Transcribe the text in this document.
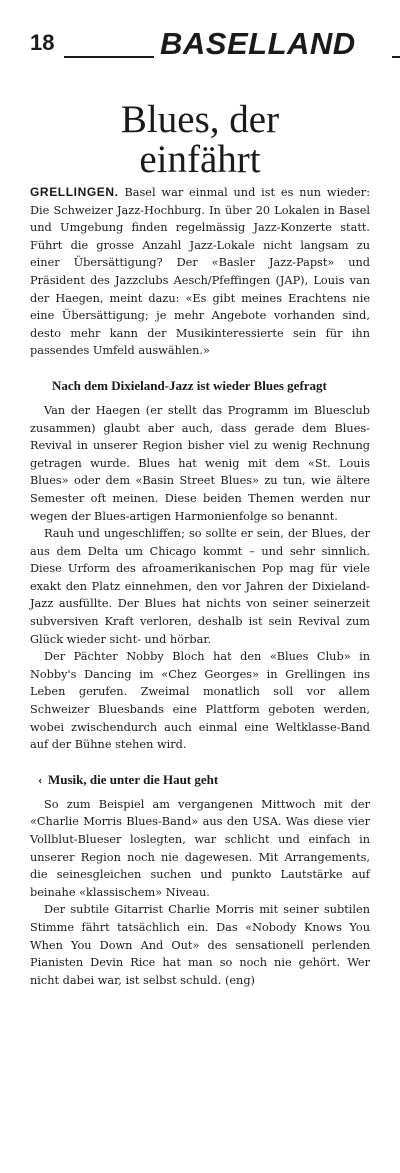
18	BASELLAND
Blues, der
einfährt

GRELLINGEN. Basel war einmal und ist es nun wieder: Die Schweizer Jazz-Hochburg. In über 20 Lokalen in Basel und Umgebung finden regelmässig Jazz-Konzerte statt. Führt die grosse Anzahl Jazz-Lokale nicht langsam zu einer Übersättigung? Der «Basler Jazz-Papst» und Präsident des Jazzclubs Aesch/Pfeffingen (JAP), Louis van der Haegen, meint dazu: «Es gibt meines Erachtens nie eine Übersättigung; je mehr Angebote vorhanden sind, desto mehr kann der Musikinteressierte sein für ihn passendes Umfeld auswählen.»

Nach dem Dixieland-Jazz ist wieder Blues gefragt

Van der Haegen (er stellt das Programm im Bluesclub zusammen) glaubt aber auch, dass gerade dem Blues-Revival in unserer Region bisher viel zu wenig Rechnung getragen wurde. Blues hat wenig mit dem «St. Louis Blues» oder dem «Basin Street Blues» zu tun, wie ältere Semester oft meinen. Diese beiden Themen werden nur wegen der Blues-artigen Harmonienfolge so benannt.

Rauh und ungeschliffen; so sollte er sein, der Blues, der aus dem Delta um Chicago kommt – und sehr sinnlich. Diese Urform des afroamerikanischen Pop mag für viele exakt den Platz einnehmen, den vor Jahren der Dixieland-Jazz ausfüllte. Der Blues hat nichts von seiner seinerzeit subversiven Kraft verloren, deshalb ist sein Revival zum Glück wieder sicht- und hörbar.

Der Pächter Nobby Bloch hat den «Blues Club» in Nobby's Dancing im «Chez Georges» in Grellingen ins Leben gerufen. Zweimal monatlich soll vor allem Schweizer Bluesbands eine Plattform geboten werden, wobei zwischendurch auch einmal eine Weltklasse-Band auf der Bühne stehen wird.

‹ Musik, die unter die Haut geht

So zum Beispiel am vergangenen Mittwoch mit der «Charlie Morris Blues-Band» aus den USA. Was diese vier Vollblut-Blueser loslegten, war schlicht und einfach in unserer Region noch nie dagewesen. Mit Arrangements, die seinesgleichen suchen und punkto Lautstärke auf beinahe «klassischem» Niveau.

Der subtile Gitarrist Charlie Morris mit seiner subtilen Stimme fährt tatsächlich ein. Das «Nobody Knows You When You Down And Out» des sensationell perlenden Pianisten Devin Rice hat man so noch nie gehört. Wer nicht dabei war, ist selbst schuld. (eng)
